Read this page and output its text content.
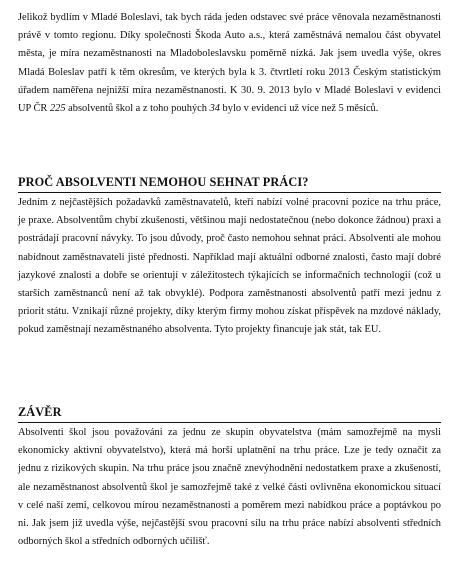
Jelikož bydlím v Mladé Boleslavi, tak bych ráda jeden odstavec své práce věnovala nezaměstnanosti právě v tomto regionu. Díky společnosti Škoda Auto a.s., která zaměstnává nemalou část obyvatel města, je míra nezaměstnanosti na Mladoboleslavsku poměrně nízká. Jak jsem uvedla výše, okres Mladá Boleslav patří k těm okresům, ve kterých byla k 3. čtvrtletí roku 2013 Českým statistickým úřadem naměřena nejnižší míra nezaměstnanosti. K 30. 9. 2013 bylo v Mladé Boleslavi v evidenci UP ČR 225 absolventů škol a z toho pouhých 34 bylo v evidenci už více než 5 měsíců.

PROČ ABSOLVENTI NEMOHOU SEHNAT PRÁCI?

Jedním z nejčastějších požadavků zaměstnavatelů, kteří nabízí volné pracovní pozice na trhu práce, je praxe. Absolventům chybí zkušenosti, většinou mají nedostatečnou (nebo dokonce žádnou) praxi a postrádají pracovní návyky. To jsou důvody, proč často nemohou sehnat práci. Absolventi ale mohou nabídnout zaměstnavateli jisté přednosti. Například mají aktuální odborné znalosti, často mají dobré jazykové znalosti a dobře se orientují v záležitostech týkajících se informačních technologií (což u starších zaměstnanců není až tak obvyklé). Podpora zaměstnanosti absolventů patří mezi jednu z priorit státu. Vznikají různé projekty, díky kterým firmy mohou získat příspěvek na mzdové náklady, pokud zaměstnají nezaměstnaného absolventa. Tyto projekty financuje jak stát, tak EU.

ZÁVĚR

Absolventi škol jsou považováni za jednu ze skupin obyvatelstva (mám samozřejmě na mysli ekonomicky aktivní obyvatelstvo), která má horší uplatnění na trhu práce. Lze je tedy označit za jednu z rizikových skupin. Na trhu práce jsou značně znevýhodnění nedostatkem praxe a zkušeností, ale nezaměstnanost absolventů škol je samozřejmě také z velké části ovlivněna ekonomickou situací v celé naší zemi, celkovou mírou nezaměstnanosti a poměrem mezi nabídkou práce a poptávkou po ni. Jak jsem již uvedla výše, nejčastější svou pracovní sílu na trhu práce nabízí absolventi středních odborných škol a středních odborných učilišť.
